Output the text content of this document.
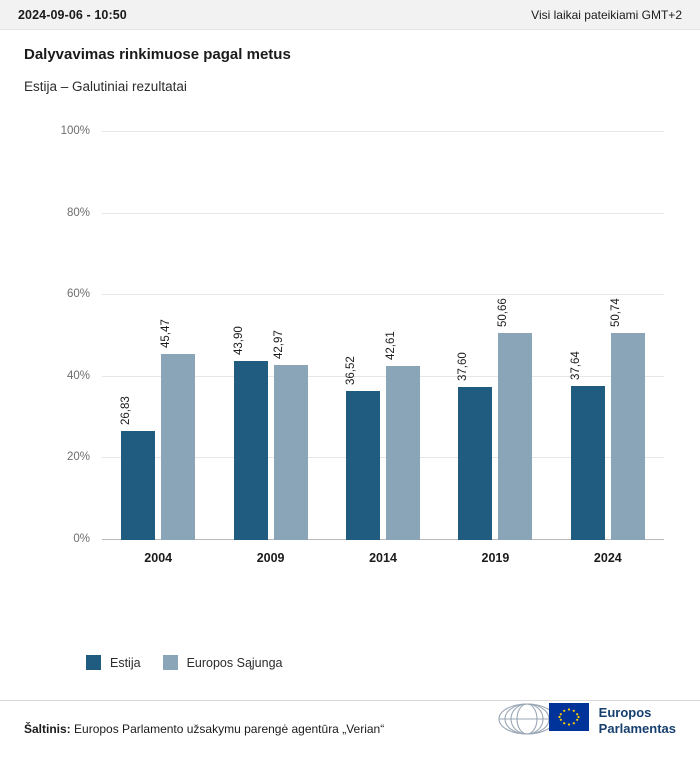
2024-09-06 - 10:50	Visi laikai pateikiami GMT+2
Dalyvavimas rinkimuose pagal metus

Estija – Galutiniai rezultatai

0%
20%
40%
60%
80%
100%
26,83
45,47
2004
43,90 42,97
2009
36,52
42,61
2014
37,60
50,66
2019
37,64
50,74
2024
Estija	Europos Sąjunga
Šaltinis: Europos Parlamento užsakymu parengė agentūra „Verian“
Europos
Parlamentas
